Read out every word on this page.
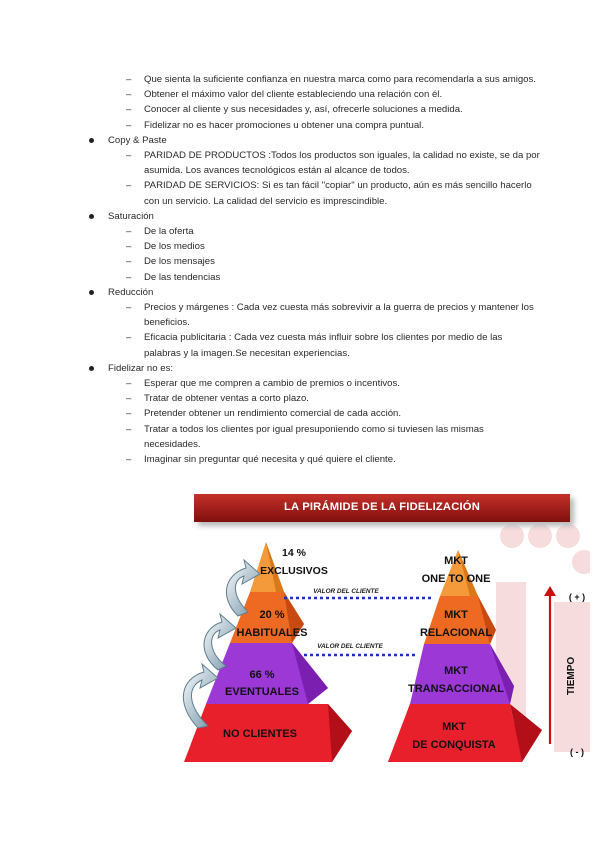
– Que sienta la suficiente confianza en nuestra marca como para recomendarla a sus amigos.

– Obtener el máximo valor del cliente estableciendo una relación con él.

– Conocer al cliente y sus necesidades y, así, ofrecerle soluciones a medida.

– Fidelizar no es hacer promociones u obtener una compra puntual.

Copy & Paste

– PARIDAD DE PRODUCTOS :Todos los productos son iguales, la calidad no existe, se da por asumida. Los avances tecnológicos están al alcance de todos.

– PARIDAD DE SERVICIOS: Si es tan fácil "copiar" un producto, aún es más sencillo hacerlo con un servicio. La calidad del servicio es imprescindible.

Saturación

– De la oferta

– De los medios

– De los mensajes

– De las tendencias

Reducción

– Precios y márgenes : Cada vez cuesta más sobrevivir a la guerra de precios y mantener los beneficios.

– Eficacia publicitaria : Cada vez cuesta más influir sobre los clientes por medio de las palabras y la imagen.Se necesitan experiencias.

Fidelizar no es:

– Esperar que me compren a cambio de premios o incentivos.

– Tratar de obtener ventas a corto plazo.

– Pretender obtener un rendimiento comercial de cada acción.

– Tratar a todos los clientes por igual presuponiendo como si tuviesen las mismas necesidades.

– Imaginar sin preguntar qué necesita y qué quiere el cliente.

VALOR DEL CLIENTE
VALOR DEL CLIENTE
14 %
EXCLUSIVOS
20 %
HABITUALES
66 %
EVENTUALES
NO CLIENTES
MKT
ONE TO ONE
MKT
RELACIONAL
MKT
TRANSACCIONAL
MKT
DE CONQUISTA
( + )
TIEMPO
( - )
LA PIRÁMIDE DE LA FIDELIZACIÓN
